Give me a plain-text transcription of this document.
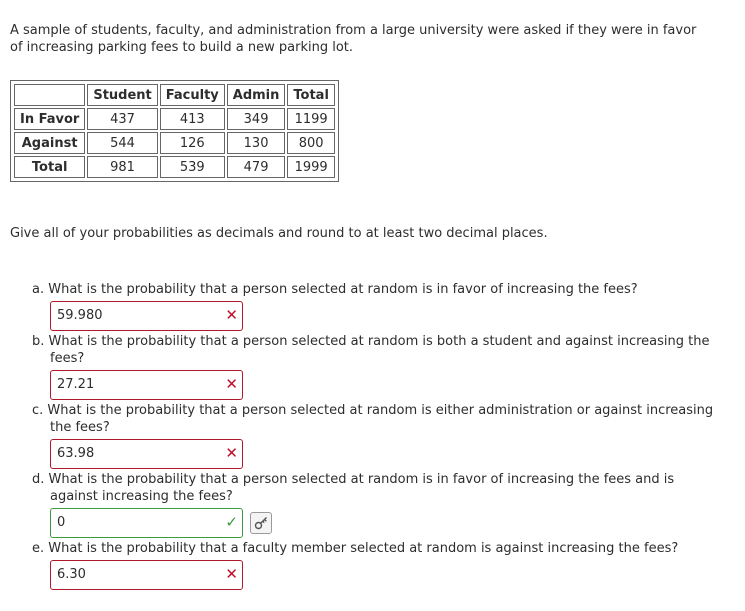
A sample of students, faculty, and administration from a large university were asked if they were in favor of increasing parking fees to build a new parking lot.

	Student	Faculty	Admin	Total
In Favor	437	413	349	1199
Against	544	126	130	800
Total	981	539	479	1999

Give all of your probabilities as decimals and round to at least two decimal places.

a. What is the probability that a person selected at random is in favor of increasing the fees?
59.980	✕
b. What is the probability that a person selected at random is both a student and against increasing the fees?
27.21	✕
c. What is the probability that a person selected at random is either administration or against increasing the fees?
63.98	✕
d. What is the probability that a person selected at random is in favor of increasing the fees and is against increasing the fees?
0	✓
e. What is the probability that a faculty member selected at random is against increasing the fees?
6.30	✕
